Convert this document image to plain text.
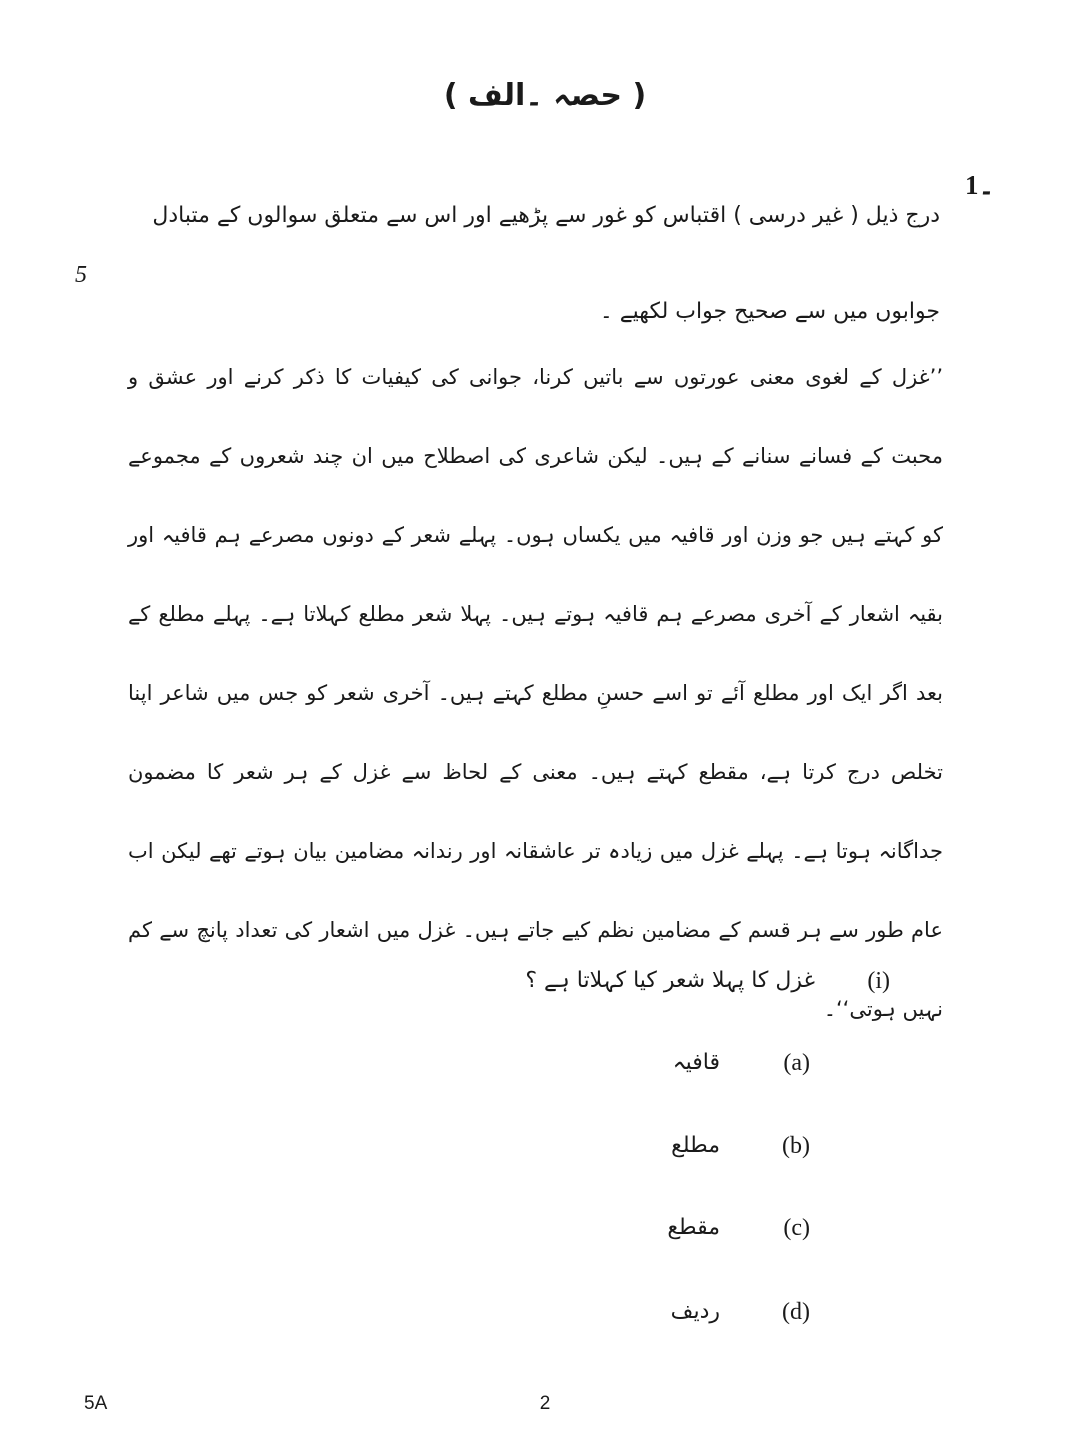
( حصہ ۔الف )
1۔
درج ذیل ( غیر درسی ) اقتباس کو غور سے پڑھیے اور اس سے متعلق سوالوں کے متبادل جوابوں میں سے صحیح جواب لکھیے ۔
5
’’غزل کے لغوی معنی عورتوں سے باتیں کرنا، جوانی کی کیفیات کا ذکر کرنے اور عشق و محبت کے فسانے سنانے کے ہیں۔ لیکن شاعری کی اصطلاح میں ان چند شعروں کے مجموعے کو کہتے ہیں جو وزن اور قافیہ میں یکساں ہوں۔ پہلے شعر کے دونوں مصرعے ہم قافیہ اور بقیہ اشعار کے آخری مصرعے ہم قافیہ ہوتے ہیں۔ پہلا شعر مطلع کہلاتا ہے۔ پہلے مطلع کے بعد اگر ایک اور مطلع آئے تو اسے حسنِ مطلع کہتے ہیں۔ آخری شعر کو جس میں شاعر اپنا تخلص درج کرتا ہے، مقطع کہتے ہیں۔ معنی کے لحاظ سے غزل کے ہر شعر کا مضمون جداگانہ ہوتا ہے۔ پہلے غزل میں زیادہ تر عاشقانہ اور رندانہ مضامین بیان ہوتے تھے لیکن اب عام طور سے ہر قسم کے مضامین نظم کیے جاتے ہیں۔ غزل میں اشعار کی تعداد پانچ سے کم نہیں ہوتی‘‘۔
(i)
غزل کا پہلا شعر کیا کہلاتا ہے ؟
(a)
قافیہ
(b)
مطلع
(c)
مقطع
(d)
ردیف
5A	2
